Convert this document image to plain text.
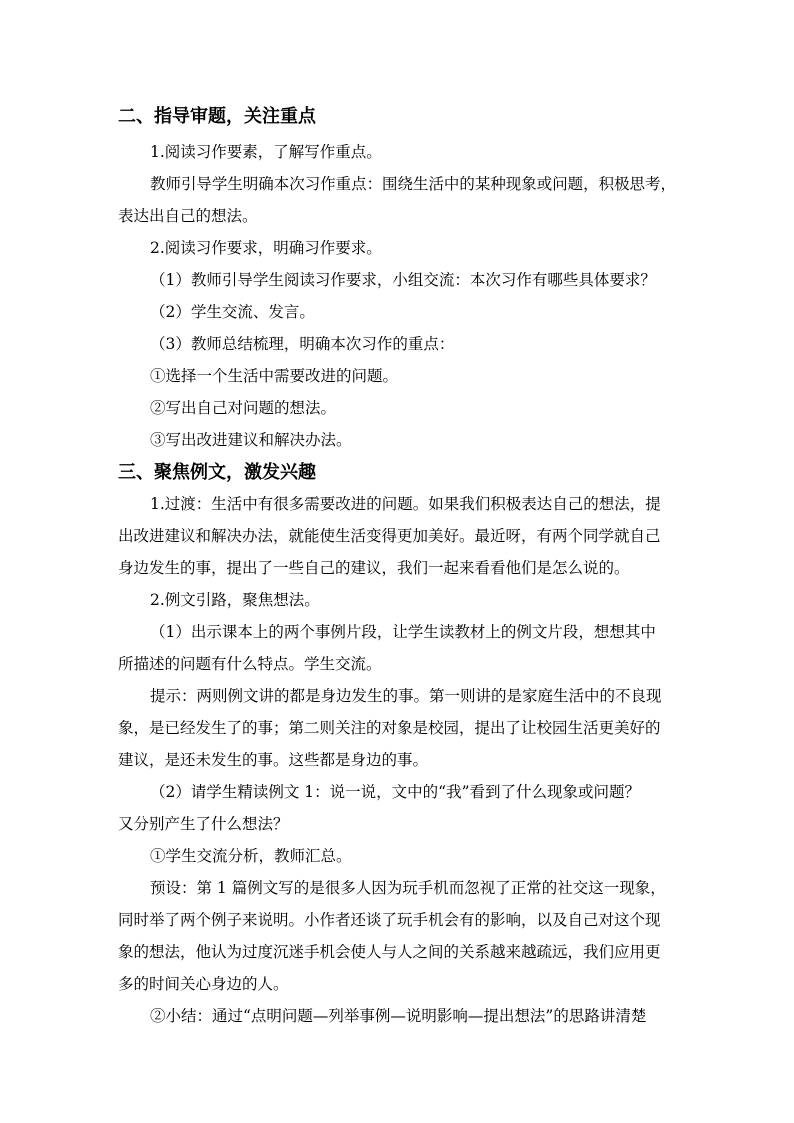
二、指导审题，关注重点
1.阅读习作要素，了解写作重点。
教师引导学生明确本次习作重点：围绕生活中的某种现象或问题，积极思考，
表达出自己的想法。
2.阅读习作要求，明确习作要求。
（1）教师引导学生阅读习作要求，小组交流：本次习作有哪些具体要求？
（2）学生交流、发言。
（3）教师总结梳理，明确本次习作的重点：
①选择一个生活中需要改进的问题。
②写出自己对问题的想法。
③写出改进建议和解决办法。
三、聚焦例文，激发兴趣
1.过渡：生活中有很多需要改进的问题。如果我们积极表达自己的想法，提
出改进建议和解决办法，就能使生活变得更加美好。最近呀，有两个同学就自己
身边发生的事，提出了一些自己的建议，我们一起来看看他们是怎么说的。
2.例文引路，聚焦想法。
（1）出示课本上的两个事例片段，让学生读教材上的例文片段，想想其中
所描述的问题有什么特点。学生交流。
提示：两则例文讲的都是身边发生的事。第一则讲的是家庭生活中的不良现
象，是已经发生了的事；第二则关注的对象是校园，提出了让校园生活更美好的
建议，是还未发生的事。这些都是身边的事。
（2）请学生精读例文 1：说一说，文中的“我”看到了什么现象或问题？
又分别产生了什么想法？
①学生交流分析，教师汇总。
预设：第 1 篇例文写的是很多人因为玩手机而忽视了正常的社交这一现象，
同时举了两个例子来说明。小作者还谈了玩手机会有的影响，以及自己对这个现
象的想法，他认为过度沉迷手机会使人与人之间的关系越来越疏远，我们应用更
多的时间关心身边的人。
②小结：通过“点明问题—列举事例—说明影响—提出想法”的思路讲清楚
